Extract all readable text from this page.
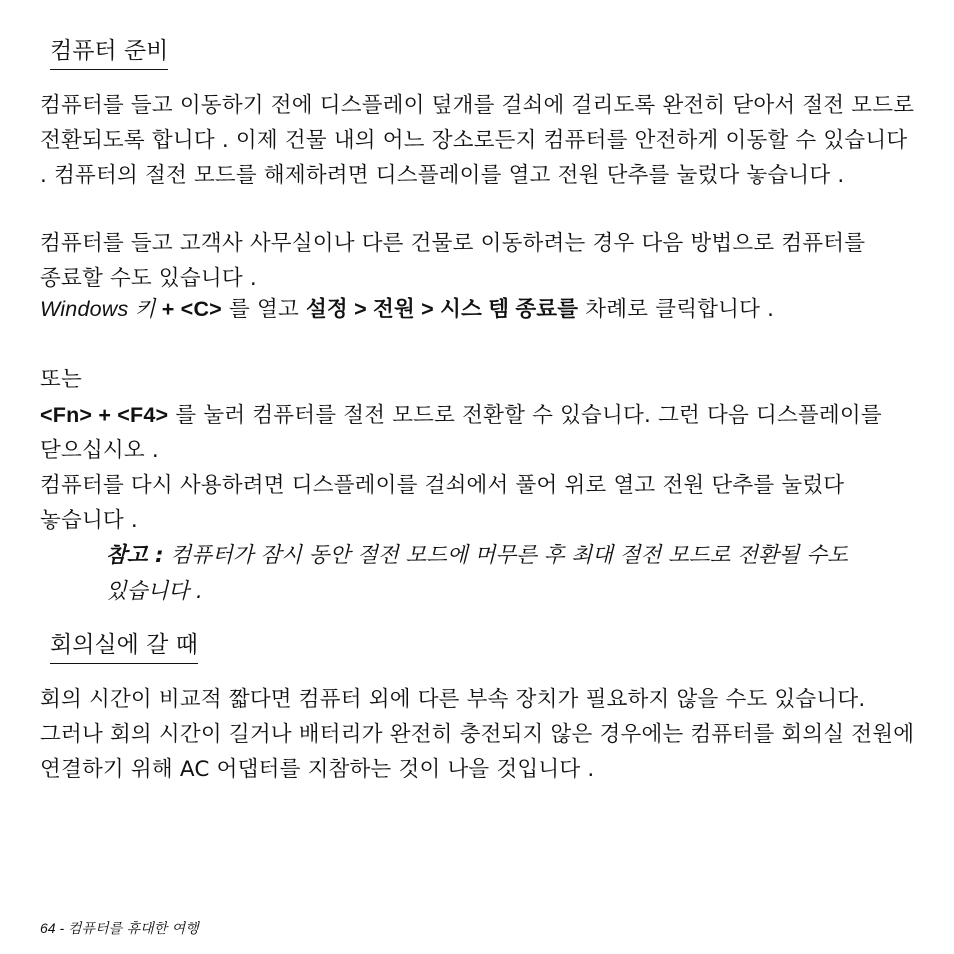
컴퓨터 준비
컴퓨터를 들고 이동하기 전에 디스플레이 덮개를 걸쇠에 걸리도록 완전히 닫아서 절전 모드로 전환되도록 합니다 . 이제 건물 내의 어느 장소로든지 컴퓨터를 안전하게 이동할 수 있습니다 . 컴퓨터의 절전 모드를 해제하려면 디스플레이를 열고 전원 단추를 눌렀다 놓습니다 .
컴퓨터를 들고 고객사 사무실이나 다른 건물로 이동하려는 경우 다음 방법으로 컴퓨터를 종료할 수도 있습니다 .
Windows 키 + <C> 를 열고 설정 > 전원 > 시스 템 종료를 차례로 클릭합니다 .
또는
<Fn> + <F4> 를 눌러 컴퓨터를 절전 모드로 전환할 수 있습니다. 그런 다음 디스플레이를 닫으십시오 .
컴퓨터를 다시 사용하려면 디스플레이를 걸쇠에서 풀어 위로 열고 전원 단추를 눌렀다 놓습니다 .
참고 : 컴퓨터가 잠시 동안 절전 모드에 머무른 후 최대 절전 모드로 전환될 수도 있습니다 .
회의실에 갈 때
회의 시간이 비교적 짧다면 컴퓨터 외에 다른 부속 장치가 필요하지 않을 수도 있습니다. 그러나 회의 시간이 길거나 배터리가 완전히 충전되지 않은 경우에는 컴퓨터를 회의실 전원에 연결하기 위해 AC 어댑터를 지참하는 것이 나을 것입니다 .
64 - 컴퓨터를 휴대한 여행
